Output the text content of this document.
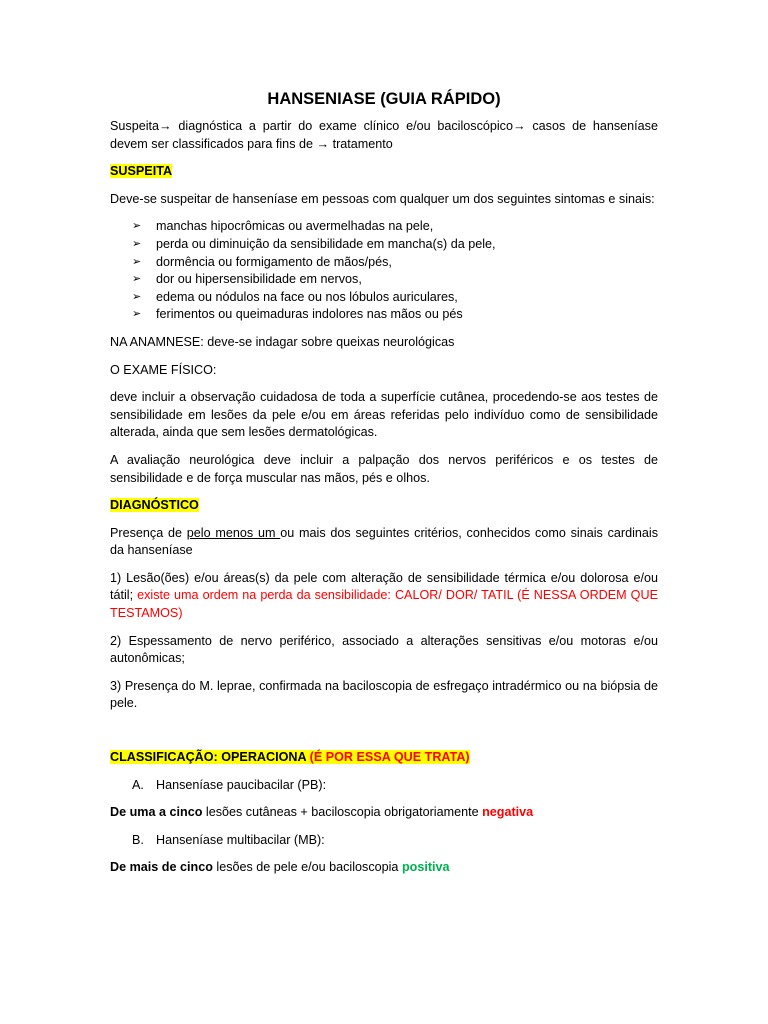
HANSENIASE (GUIA RÁPIDO)

Suspeita→ diagnóstica a partir do exame clínico e/ou baciloscópico→ casos de hanseníase devem ser classificados para fins de → tratamento

SUSPEITA

Deve-se suspeitar de hanseníase em pessoas com qualquer um dos seguintes sintomas e sinais:

➢ manchas hipocrômicas ou avermelhadas na pele,
➢ perda ou diminuição da sensibilidade em mancha(s) da pele,
➢ dormência ou formigamento de mãos/pés,
➢ dor ou hipersensibilidade em nervos,
➢ edema ou nódulos na face ou nos lóbulos auriculares,
➢ ferimentos ou queimaduras indolores nas mãos ou pés

NA ANAMNESE: deve-se indagar sobre queixas neurológicas

O EXAME FÍSICO:

deve incluir a observação cuidadosa de toda a superfície cutânea, procedendo-se aos testes de sensibilidade em lesões da pele e/ou em áreas referidas pelo indivíduo como de sensibilidade alterada, ainda que sem lesões dermatológicas.

A avaliação neurológica deve incluir a palpação dos nervos periféricos e os testes de sensibilidade e de força muscular nas mãos, pés e olhos.

DIAGNÓSTICO

Presença de pelo menos um ou mais dos seguintes critérios, conhecidos como sinais cardinais da hanseníase

1) Lesão(ões) e/ou áreas(s) da pele com alteração de sensibilidade térmica e/ou dolorosa e/ou tátil; existe uma ordem na perda da sensibilidade: CALOR/ DOR/ TATIL (É NESSA ORDEM QUE TESTAMOS)

2) Espessamento de nervo periférico, associado a alterações sensitivas e/ou motoras e/ou autonômicas;

3) Presença do M. leprae, confirmada na baciloscopia de esfregaço intradérmico ou na biópsia de pele.

CLASSIFICAÇÃO: OPERACIONA (É POR ESSA QUE TRATA)

A. Hanseníase paucibacilar (PB):

De uma a cinco lesões cutâneas + baciloscopia obrigatoriamente negativa

B. Hanseníase multibacilar (MB):

De mais de cinco lesões de pele e/ou baciloscopia positiva
